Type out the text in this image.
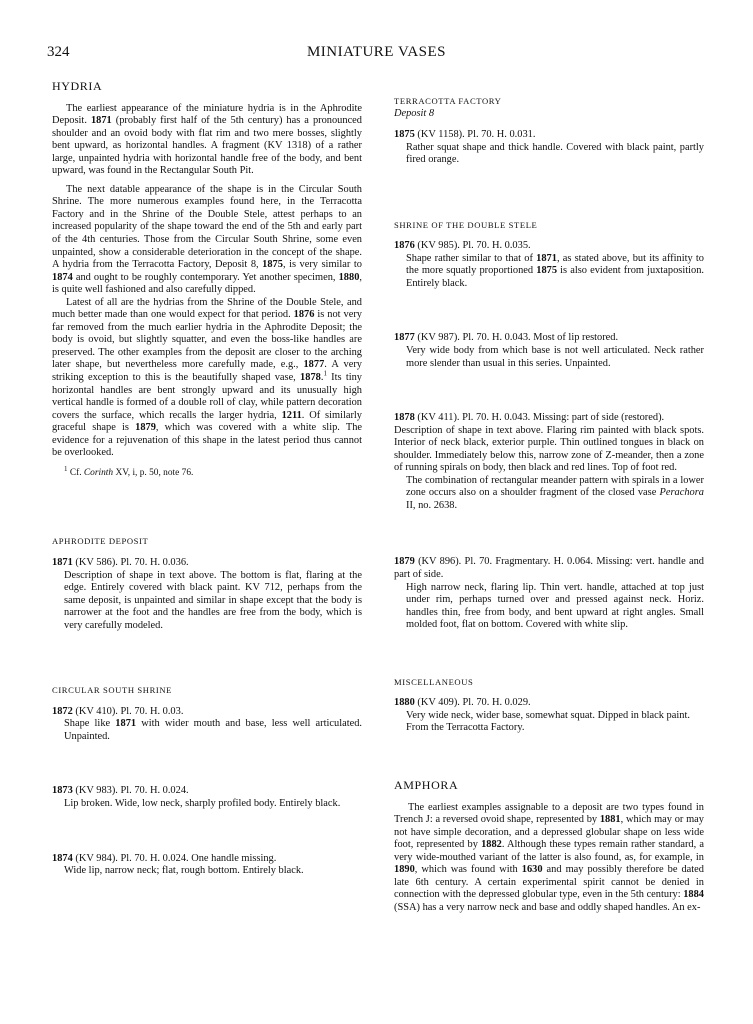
324	MINIATURE VASES
HYDRIA

The earliest appearance of the miniature hydria is in the Aphrodite Deposit. 1871 (probably first half of the 5th century) has a pronounced shoulder and an ovoid body with flat rim and two mere bosses, slightly bent upward, as horizontal handles. A fragment (KV 1318) of a rather large, unpainted hydria with horizontal handle free of the body, and bent upward, was found in the Rectangular South Pit.

The next datable appearance of the shape is in the Circular South Shrine. The more numerous examples found here, in the Terracotta Factory and in the Shrine of the Double Stele, attest perhaps to an increased popularity of the shape toward the end of the 5th and early part of the 4th centuries. Those from the Circular South Shrine, some even unpainted, show a considerable deterioration in the concept of the shape. A hydria from the Terracotta Factory, Deposit 8, 1875, is very similar to 1874 and ought to be roughly contemporary. Yet another specimen, 1880, is quite well fashioned and also carefully dipped.

Latest of all are the hydrias from the Shrine of the Double Stele, and much better made than one would expect for that period. 1876 is not very far removed from the much earlier hydria in the Aphrodite Deposit; the body is ovoid, but slightly squatter, and even the boss-like handles are preserved. The other examples from the deposit are closer to the arching later shape, but nevertheless more carefully made, e.g., 1877. A very striking exception to this is the beautifully shaped vase, 1878.$^1$ Its tiny horizontal handles are bent strongly upward and its unusually high vertical handle is formed of a double roll of clay, while pattern decoration covers the surface, which recalls the larger hydria, 1211. Of similarly graceful shape is 1879, which was covered with a white slip. The evidence for a rejuvenation of this shape in the latest period thus cannot be overlooked.

$^1$ Cf. Corinth XV, i, p. 50, note 76.
APHRODITE DEPOSIT

1871 (KV 586). Pl. 70. H. 0.036.

Description of shape in text above. The bottom is flat, flaring at the edge. Entirely covered with black paint. KV 712, perhaps from the same deposit, is unpainted and similar in shape except that the body is narrower at the foot and the handles are free from the body, which is very carefully modeled.

CIRCULAR SOUTH SHRINE

1872 (KV 410). Pl. 70. H. 0.03.

Shape like 1871 with wider mouth and base, less well articulated. Unpainted.

1873 (KV 983). Pl. 70. H. 0.024.

Lip broken. Wide, low neck, sharply profiled body. Entirely black.

1874 (KV 984). Pl. 70. H. 0.024. One handle missing.

Wide lip, narrow neck; flat, rough bottom. Entirely black.

TERRACOTTA FACTORY
Deposit 8

1875 (KV 1158). Pl. 70. H. 0.031.

Rather squat shape and thick handle. Covered with black paint, partly fired orange.

SHRINE OF THE DOUBLE STELE

1876 (KV 985). Pl. 70. H. 0.035.

Shape rather similar to that of 1871, as stated above, but its affinity to the more squatly proportioned 1875 is also evident from juxtaposition. Entirely black.

1877 (KV 987). Pl. 70. H. 0.043. Most of lip restored.

Very wide body from which base is not well articulated. Neck rather more slender than usual in this series. Unpainted.

1878 (KV 411). Pl. 70. H. 0.043. Missing: part of side (restored).

Description of shape in text above. Flaring rim painted with black spots. Interior of neck black, exterior purple. Thin outlined tongues in black on shoulder. Immediately below this, narrow zone of Z-meander, then a zone of running spirals on body, then black and red lines. Top of foot red.

The combination of rectangular meander pattern with spirals in a lower zone occurs also on a shoulder fragment of the closed vase Perachora II, no. 2638.

1879 (KV 896). Pl. 70. Fragmentary. H. 0.064. Missing: vert. handle and part of side.

High narrow neck, flaring lip. Thin vert. handle, attached at top just under rim, perhaps turned over and pressed against neck. Horiz. handles thin, free from body, and bent upward at right angles. Small molded foot, flat on bottom. Covered with white slip.

MISCELLANEOUS

1880 (KV 409). Pl. 70. H. 0.029.

Very wide neck, wider base, somewhat squat. Dipped in black paint.

From the Terracotta Factory.

AMPHORA

The earliest examples assignable to a deposit are two types found in Trench J: a reversed ovoid shape, represented by 1881, which may or may not have simple decoration, and a depressed globular shape on less wide foot, represented by 1882. Although these types remain rather standard, a very wide-mouthed variant of the latter is also found, as, for example, in 1890, which was found with 1630 and may possibly therefore be dated late 6th century. A certain experimental spirit cannot be denied in connection with the depressed globular type, even in the 5th century: 1884 (SSA) has a very narrow neck and base and oddly shaped handles. An ex-
